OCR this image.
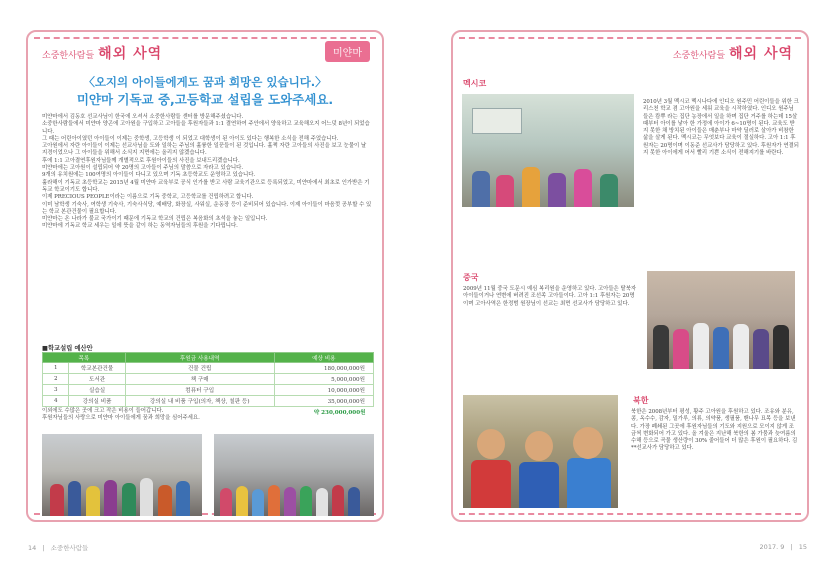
소중한사람들 해외 사역	미얀마
〈오지의 아이들에게도 꿈과 희망은 있습니다.〉
미얀마 기독교 중,고등학교 설립을 도와주세요.

미얀마에서 김동호 선교사님이 한국에 오셔서 소중한사람들 센터를 방문해주셨습니다.

소중한사람들에서 미얀마 양곤에 고아원을 구입하고 고아들을 후원자들과 1:1 결연하여 주안에서 양육하고 교육해오지 어느덧 8년이 되었습니다.

그 때는 어린아이였던 아이들이 이제는 중학생, 고등학생 이 되었고 대학생이 된 아이도 있다는 행복한 소식을 전해 주었습니다.

고아원에서 자란 아이들이 이제는 선교사님을 도와 일하는 주님의 훌륭한 일꾼들이 된 것입니다. 훌쩍 자란 고아들의 사진을 보고 눈물이 날 지경이었으나 그 아이들을 위해서 소식지 지면에는 올리지 않겠습니다.

후에 1:1 고아결연후원자님들께 개별적으로 후원아이들의 사진을 보내드리겠습니다.

미얀마에는 고아원이 설립되어 약 20명의 고아들이 주님의 말씀으로 자라고 있습니다.

9개의 유치원에는 100여명의 아이들이 다니고 있으며 기독 초등학교도 운영하고 있습니다.

훌라해이 기독교 초등학교는 2015년 4월 미얀마 교육부로 공식 인가를 받고 사람 교육기관으로 등록되었고, 미얀마에서 최초로 인가받은 기독교 학교이기도 합니다.

이제 PRECIOUS PEOPLE이라는 이름으로 기독 중학교, 고등학교를 건립하려고 합니다.

이미 남학생 기숙사, 여학생 기숙사, 기숙사식당, 예배당, 화장실, 사워실, 운동장 등이 준비되어 있습니다. 이제 아이들이 마음껏 공부할 수 있는 학교 본관건물이 필요합니다.

미얀마는 온 나라가 불교 국가이기 때문에 기독교 학교의 건립은 복음화의 초석을 놓는 일입니다.

미얀마에 기독교 학교 세우는 일에 뜻을 같이 하는 동역자님들의 후원을 기다립니다.

■학교설립 예산안
목록		후원금 사용내역	예상 비용
1	학교본관건물	건물 건립	180,000,000원
2	도서관	책 구매	5,000,000원
3	실습실	컴퓨터 구입	10,000,000원
4	강의실 비품	강의실 내 비품 구입(의자, 책상, 칠판 등)	35,000,000원
			약 230,000,000원

이외에도 수많은 곳에 크고 작은 비용이 들어갑니다.

후원자님들의 사랑으로 미얀마 아이들에게 꿈과 희망을 심어주세요.

소중한사람들 해외 사역
멕시코
2010년 3월 멕시코 멕시나다에 인디오 원주민 어린이들을 위한 크리스천 학교 겸 고아원을 세워 교육을 시작하였다. 인디오 원주님들은 캄뿌 라는 집단 농장에서 일을 하며 집단 거주를 하는데 15살 때부터 아이를 낳아 한 가정에 아이가 6~10명이 된다. 교육도 받지 못한 채 방치된 아이들은 매춘부나 마약 딜러로 살아가 비참한 삶을 살게 된다. 멕시코는 무엇보다 교육이 절실하다. 고아 1:1 후원자는 20명이며 이동준 선교사가 담당하고 있다. 후원자가 연결되지 못한 아이에게 어서 빨리 기쁜 소식이 전해지기를 바란다.
중국
2009년 11월 중국 도문시 예심 복리원을 운영하고 있다. 고아들은 탈북자 아이들이거나 연변에 버려진 조선족 고아들이다. 고아 1:1 후원자는 20명이며 고아사역은 한정범 원장님이 선교는 최면 선교사가 담당하고 있다.
북한
북한은 2008년부터 평성, 황주 고아원을 후원하고 있다. 조유와 분유, 콩, 옥수수, 감자, 밀가루, 의류, 의약품, 생필품, 밴나무 묘목 등을 보낸다. 가장 폐쇄된 그곳에 후원자님들의 기도와 지원으로 모이지 않게 조금씩 변화되어 가고 있다. 올 겨울은 지난해 북한의 봄 가뭄과 늦여름의 수해 등으로 곡물 생산량이 30% 줄어들어 더 많은 후원이 필요하다. 김**선교사가 담당하고 있다.
14 | 소중한사람들	2017. 9 | 15
